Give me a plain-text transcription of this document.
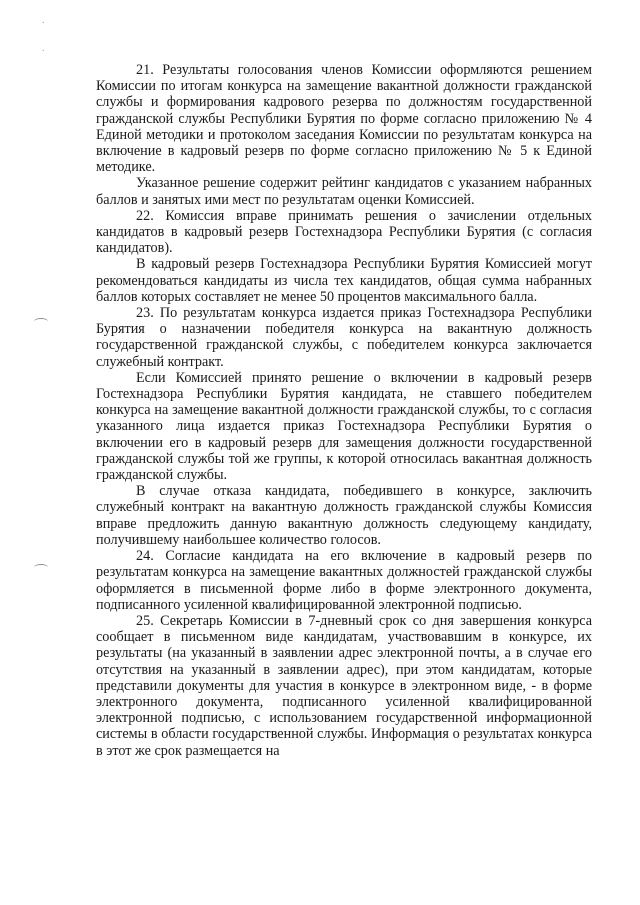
.
.

21. Результаты голосования членов Комиссии оформляются решением Комиссии по итогам конкурса на замещение вакантной должности гражданской службы и формирования кадрового резерва по должностям государственной гражданской службы Республики Бурятия по форме согласно приложению № 4 Единой методики и протоколом заседания Комиссии по результатам конкурса на включение в кадровый резерв по форме согласно приложению № 5 к Единой методике.

Указанное решение содержит рейтинг кандидатов с указанием набранных баллов и занятых ими мест по результатам оценки Комиссией.

22. Комиссия вправе принимать решения о зачислении отдельных кандидатов в кадровый резерв Гостехнадзора Республики Бурятия (с согласия кандидатов).

В кадровый резерв Гостехнадзора Республики Бурятия Комиссией могут рекомендоваться кандидаты из числа тех кандидатов, общая сумма набранных баллов которых составляет не менее 50 процентов максимального балла.

23. По результатам конкурса издается приказ Гостехнадзора Республики Бурятия о назначении победителя конкурса на вакантную должность государственной гражданской службы, с победителем конкурса заключается служебный контракт.

Если Комиссией принято решение о включении в кадровый резерв Гостехнадзора Республики Бурятия кандидата, не ставшего победителем конкурса на замещение вакантной должности гражданской службы, то с согласия указанного лица издается приказ Гостехнадзора Республики Бурятия о включении его в кадровый резерв для замещения должности государственной гражданской службы той же группы, к которой относилась вакантная должность гражданской службы.

В случае отказа кандидата, победившего в конкурсе, заключить служебный контракт на вакантную должность гражданской службы Комиссия вправе предложить данную вакантную должность следующему кандидату, получившему наибольшее количество голосов.

24. Согласие кандидата на его включение в кадровый резерв по результатам конкурса на замещение вакантных должностей гражданской службы оформляется в письменной форме либо в форме электронного документа, подписанного усиленной квалифицированной электронной подписью.

25. Секретарь Комиссии в 7-дневный срок со дня завершения конкурса сообщает в письменном виде кандидатам, участвовавшим в конкурсе, их результаты (на указанный в заявлении адрес электронной почты, а в случае его отсутствия на указанный в заявлении адрес), при этом кандидатам, которые представили документы для участия в конкурсе в электронном виде, - в форме электронного документа, подписанного усиленной квалифицированной электронной подписью, с использованием государственной информационной системы в области государственной службы. Информация о результатах конкурса в этот же срок размещается на
